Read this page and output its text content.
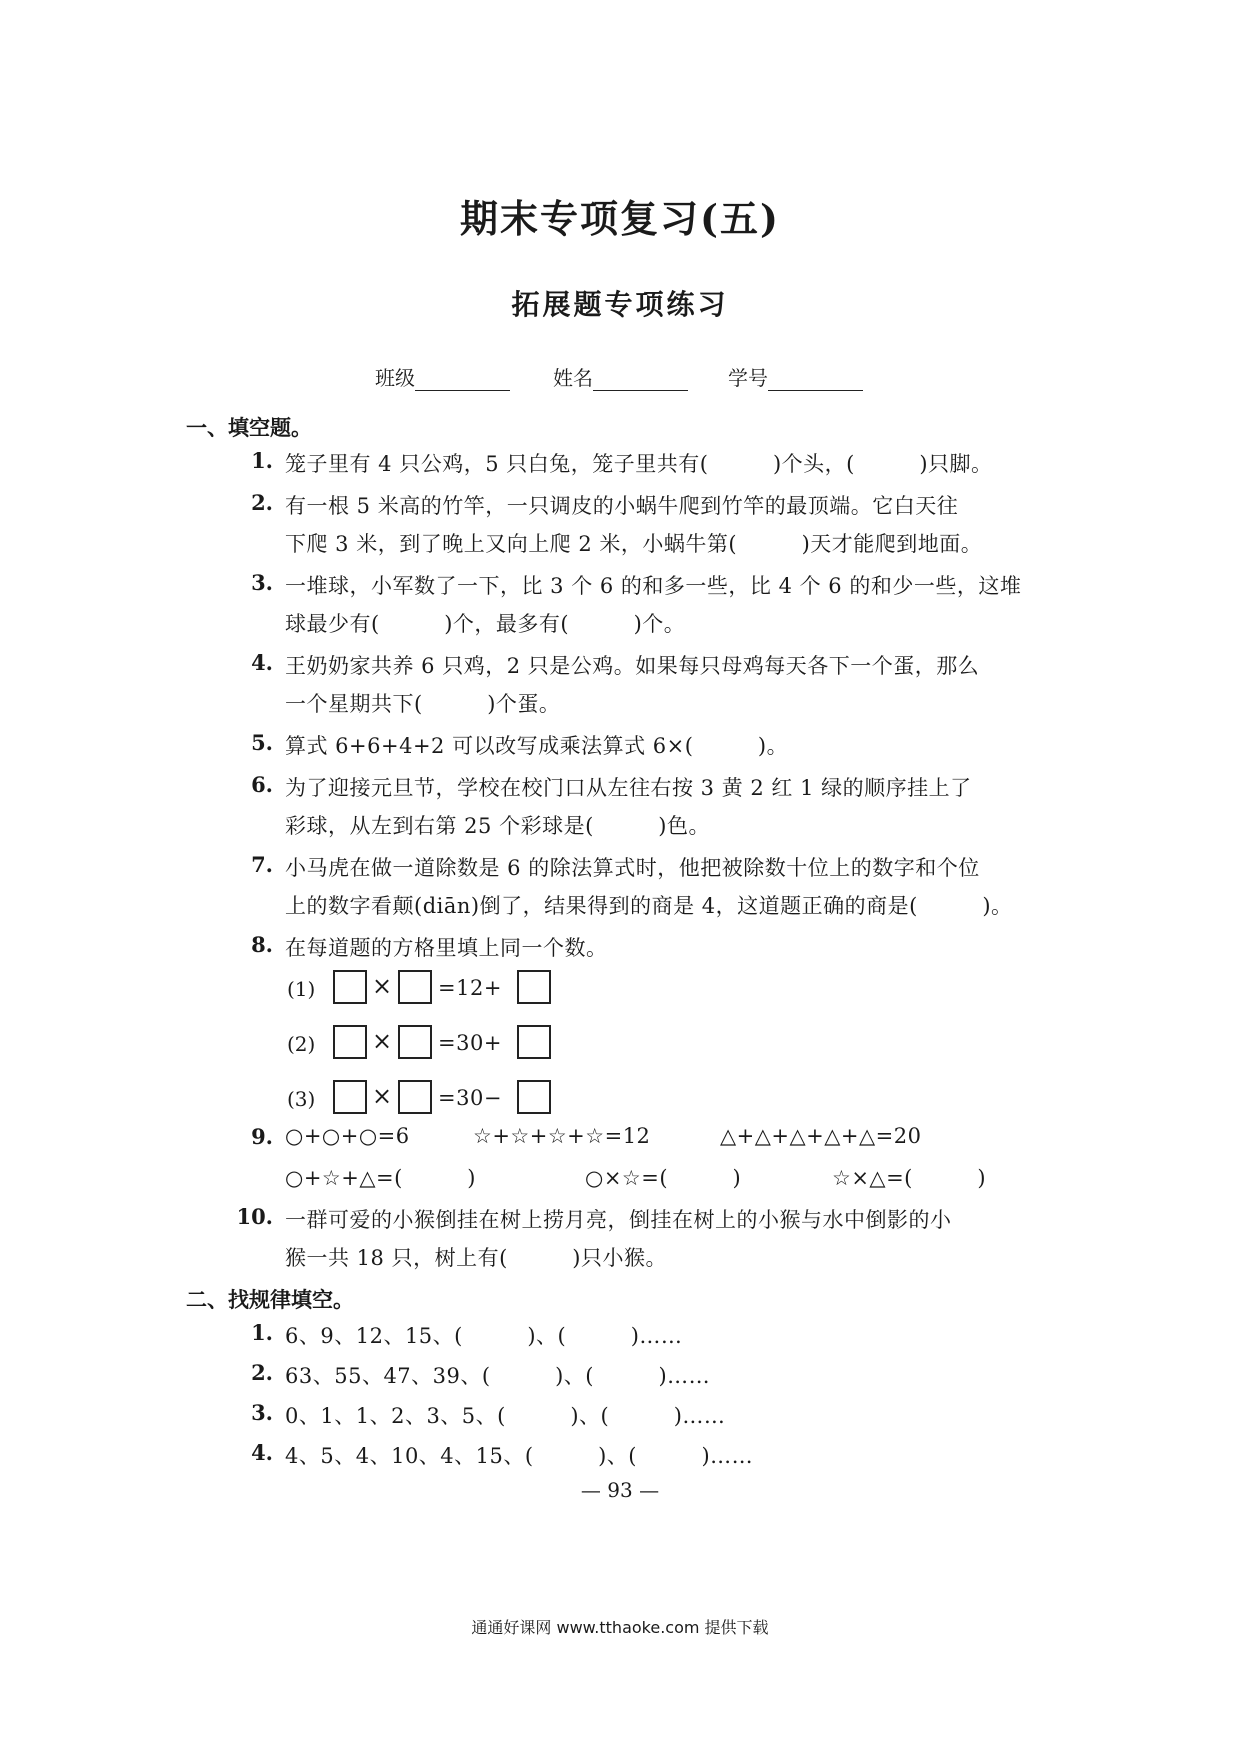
期末专项复习(五)
拓展题专项练习
班级	姓名	学号
一、填空题。
1. 笼子里有 4 只公鸡，5 只白兔，笼子里共有(　　　)个头，(　　　)只脚。
2. 有一根 5 米高的竹竿，一只调皮的小蜗牛爬到竹竿的最顶端。它白天往
下爬 3 米，到了晚上又向上爬 2 米，小蜗牛第(　　　)天才能爬到地面。
3. 一堆球，小军数了一下，比 3 个 6 的和多一些，比 4 个 6 的和少一些，这堆
球最少有(　　　)个，最多有(　　　)个。
4. 王奶奶家共养 6 只鸡，2 只是公鸡。如果每只母鸡每天各下一个蛋，那么
一个星期共下(　　　)个蛋。
5. 算式 6+6+4+2 可以改写成乘法算式 6×(　　　)。
6. 为了迎接元旦节，学校在校门口从左往右按 3 黄 2 红 1 绿的顺序挂上了
彩球，从左到右第 25 个彩球是(　　　)色。
7. 小马虎在做一道除数是 6 的除法算式时，他把被除数十位上的数字和个位
上的数字看颠(diān)倒了，结果得到的商是 4，这道题正确的商是(　　　)。
8. 在每道题的方格里填上同一个数。
(1) × =12+
(2) × =30+
(3) × =30−
9. ○+○+○=6	☆+☆+☆+☆=12	△+△+△+△+△=20
○+☆+△=(　　　)	○×☆=(　　　)	☆×△=(　　　)
10. 一群可爱的小猴倒挂在树上捞月亮，倒挂在树上的小猴与水中倒影的小
猴一共 18 只，树上有(　　　)只小猴。
二、找规律填空。
1. 6、9、12、15、(　　　)、(　　　)……
2. 63、55、47、39、(　　　)、(　　　)……
3. 0、1、1、2、3、5、(　　　)、(　　　)……
4. 4、5、4、10、4、15、(　　　)、(　　　)……
— 93 —
通通好课网 www.tthaoke.com 提供下载
